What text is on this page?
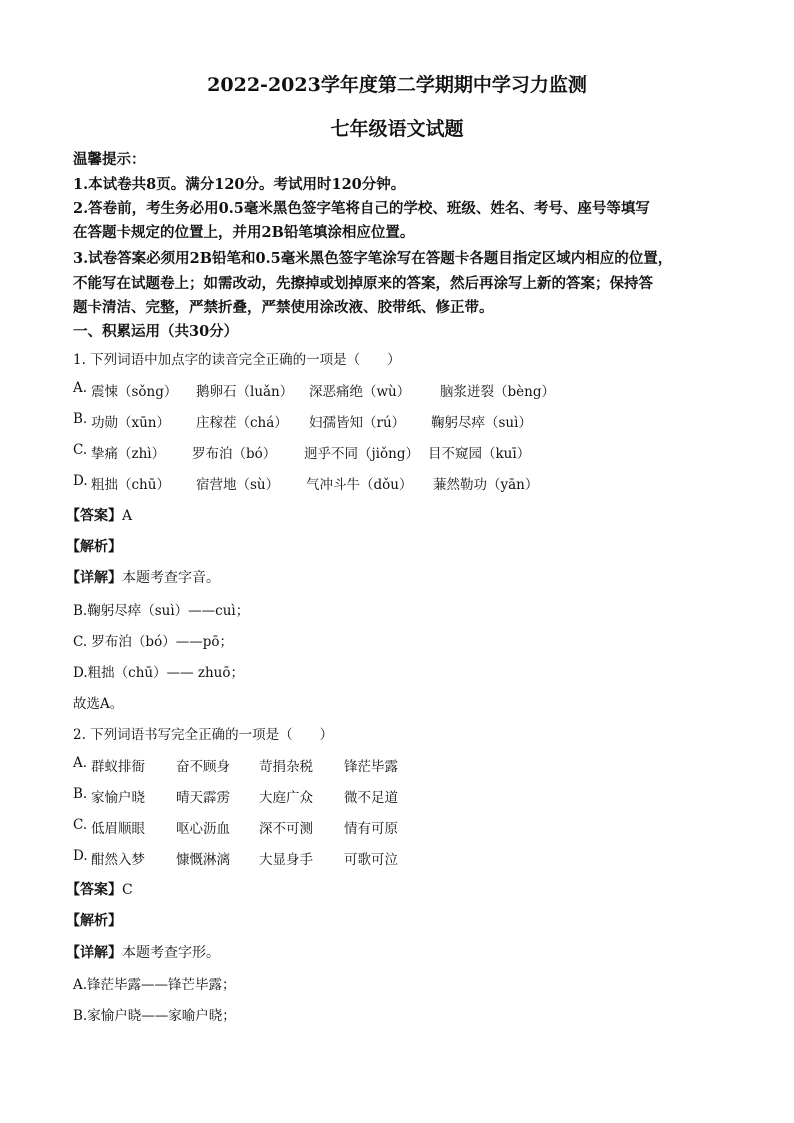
2022-2023学年度第二学期期中学习力监测
七年级语文试题
温馨提示：
1.本试卷共8页。满分120分。考试用时120分钟。
2.答卷前，考生务必用0.5毫米黑色签字笔将自己的学校、班级、姓名、考号、座号等填写
在答题卡规定的位置上，并用2B铅笔填涂相应位置。
3.试卷答案必须用2B铅笔和0.5毫米黑色签字笔涂写在答题卡各题目指定区域内相应的位置，
不能写在试题卷上；如需改动，先擦掉或划掉原来的答案，然后再涂写上新的答案；保持答
题卡清洁、完整，严禁折叠，严禁使用涂改液、胶带纸、修正带。
一、积累运用（共30分）
1. 下列词语中加点字的读音完全正确的一项是（　　）
A. 震悚（sǒng） 鹅卵石（luǎn） 深恶痛绝（wù） 脑浆迸裂（bèng）
B. 功勋（xūn） 庄稼茬（chá） 妇孺皆知（rú） 鞠躬尽瘁（suì）
C. 挚痛（zhì） 罗布泊（bó） 迥乎不同（jiǒng） 目不窥园（kuī）
D. 粗拙（chū） 宿营地（sù） 气冲斗牛（dǒu） 蒹然勒功（yān）
【答案】A
【解析】
【详解】本题考查字音。
B.鞠躬尽瘁（suì）——cuì；
C. 罗布泊（bó）——pō；
D.粗拙（chū）—— zhuō；
故选A。
2. 下列词语书写完全正确的一项是（　　）
A. 群蚁排衙 奋不顾身 苛捐杂税 锋茫毕露
B. 家愉户晓 晴天霹雳 大庭广众 微不足道
C. 低眉顺眼 呕心沥血 深不可测 情有可原
D. 酣然入梦 慷慨淋漓 大显身手 可歌可泣
【答案】C
【解析】
【详解】本题考查字形。
A.锋茫毕露——锋芒毕露；
B.家愉户晓——家喻户晓；
